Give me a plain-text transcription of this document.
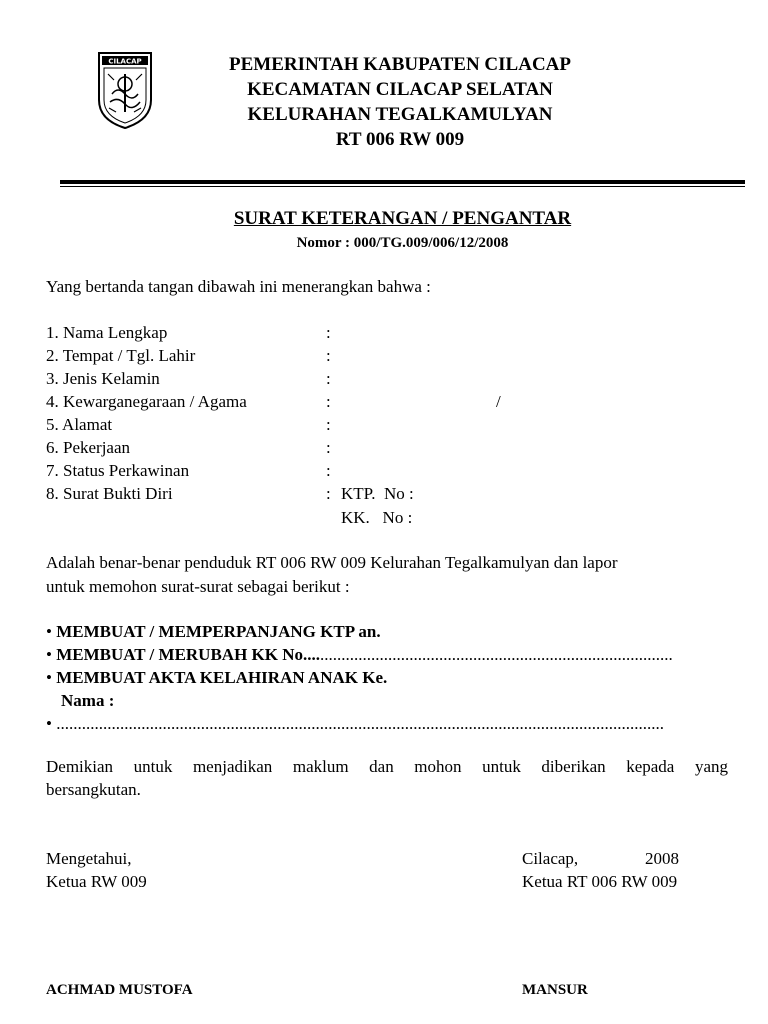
CILACAP	PEMERINTAH KABUPATEN CILACAP
KECAMATAN CILACAP SELATAN
KELURAHAN TEGALKAMULYAN
RT 006 RW 009
SURAT KETERANGAN / PENGANTAR
Nomor : 000/TG.009/006/12/2008
Yang bertanda tangan dibawah ini menerangkan bahwa :
1. Nama Lengkap	:
2. Tempat / Tgl. Lahir	:
3. Jenis Kelamin	:
4. Kewarganegaraan / Agama	:	/
5. Alamat	:
6. Pekerjaan	:
7. Status Perkawinan	:
8. Surat Bukti Diri	: KTP.  No :
KK.   No :
Adalah benar-benar penduduk RT 006 RW 009 Kelurahan Tegalkamulyan dan lapor
untuk memohon surat-surat sebagai berikut :
• MEMBUAT / MEMPERPANJANG KTP an.
• MEMBUAT / MERUBAH KK No.......................................................................................
• MEMBUAT AKTA KELAHIRAN ANAK Ke.
Nama :
• ...............................................................................................................................................
Demikian untuk menjadikan maklum dan mohon untuk diberikan kepada yang
bersangkutan.
Mengetahui,
Ketua RW 009
ACHMAD MUSTOFA
Cilacap,	2008
Ketua RT 006 RW 009
MANSUR
